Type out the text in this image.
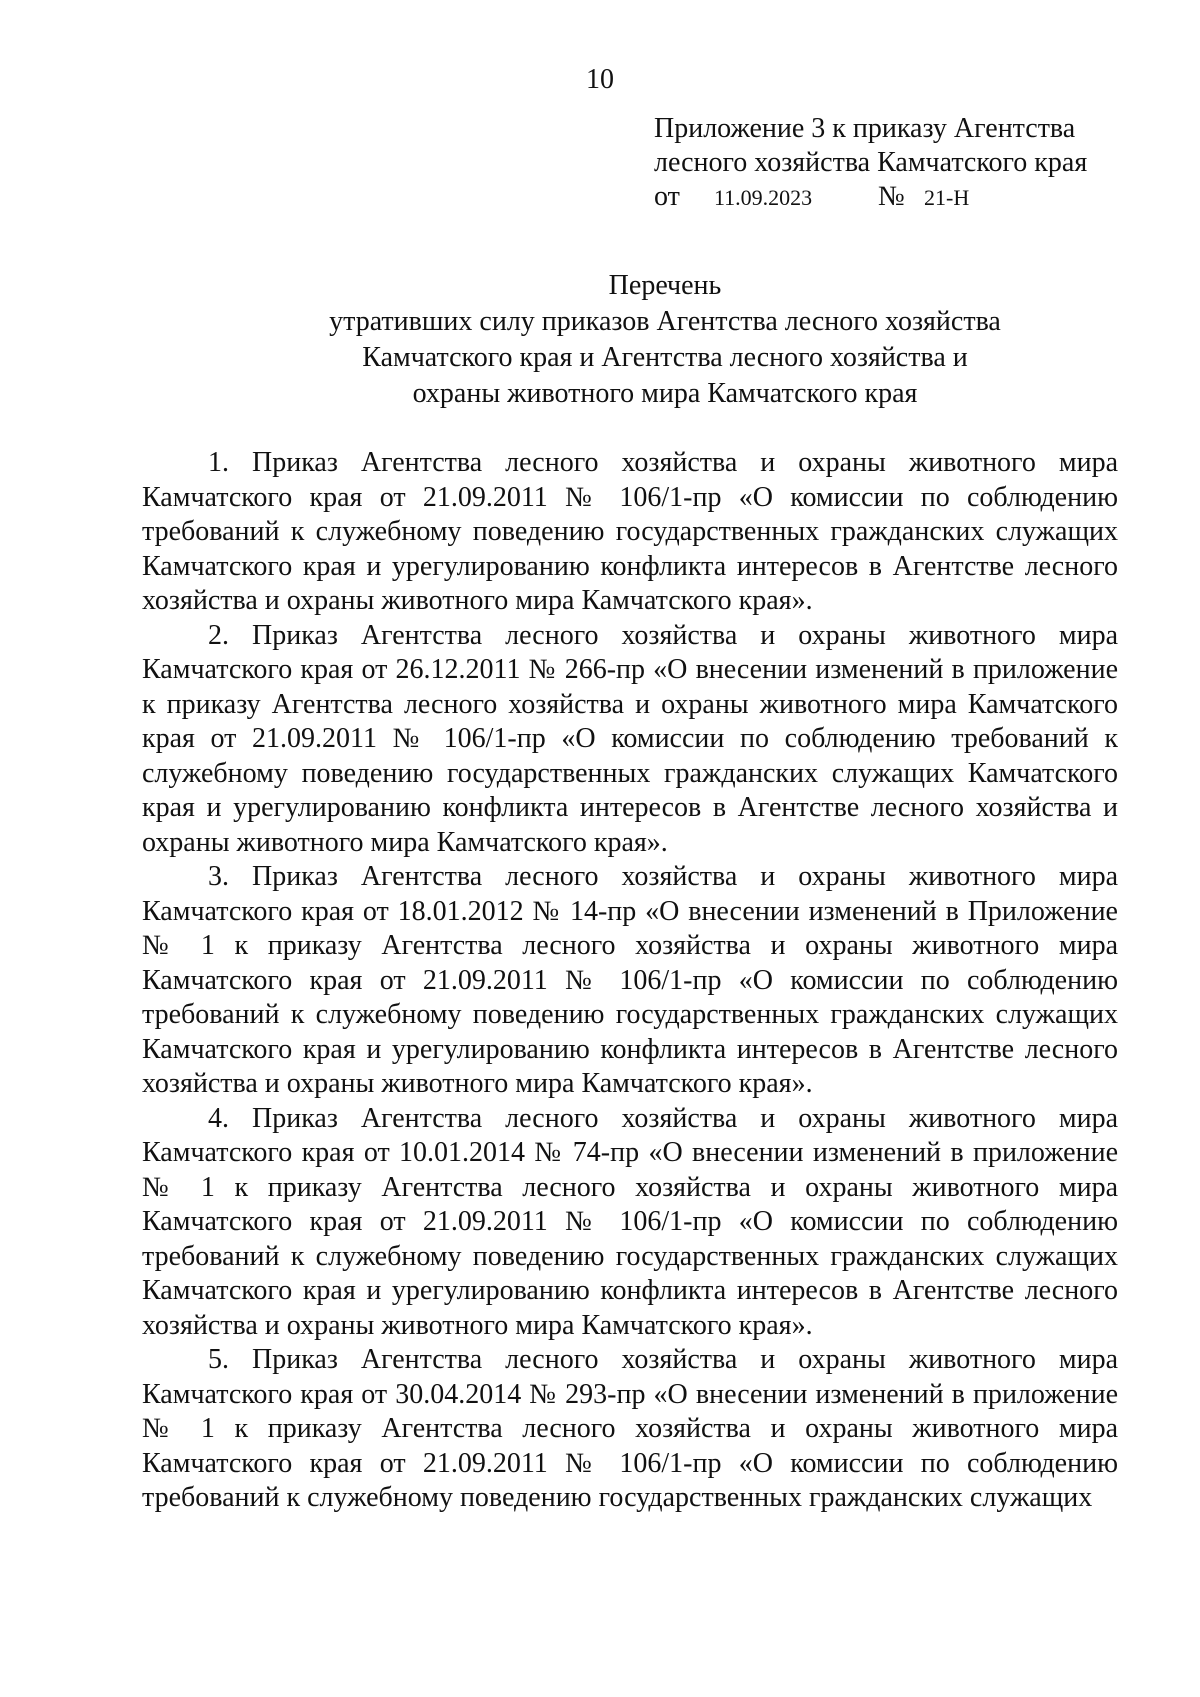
10
Приложение 3 к приказу Агентства
лесного хозяйства Камчатского края
от 11.09.2023 № 21-Н
Перечень
утративших силу приказов Агентства лесного хозяйства
Камчатского края и Агентства лесного хозяйства и
охраны животного мира Камчатского края

1. Приказ Агентства лесного хозяйства и охраны животного мира Камчатского края от 21.09.2011 № 106/1-пр «О комиссии по соблюдению требований к служебному поведению государственных гражданских служащих Камчатского края и урегулированию конфликта интересов в Агентстве лесного хозяйства и охраны животного мира Камчатского края».

2. Приказ Агентства лесного хозяйства и охраны животного мира Камчатского края от 26.12.2011 № 266-пр «О внесении изменений в приложение к приказу Агентства лесного хозяйства и охраны животного мира Камчатского края от 21.09.2011 № 106/1-пр «О комиссии по соблюдению требований к служебному поведению государственных гражданских служащих Камчатского края и урегулированию конфликта интересов в Агентстве лесного хозяйства и охраны животного мира Камчатского края».

3. Приказ Агентства лесного хозяйства и охраны животного мира Камчатского края от 18.01.2012 № 14-пр «О внесении изменений в Приложение № 1 к приказу Агентства лесного хозяйства и охраны животного мира Камчатского края от 21.09.2011 № 106/1-пр «О комиссии по соблюдению требований к служебному поведению государственных гражданских служащих Камчатского края и урегулированию конфликта интересов в Агентстве лесного хозяйства и охраны животного мира Камчатского края».

4. Приказ Агентства лесного хозяйства и охраны животного мира Камчатского края от 10.01.2014 № 74-пр «О внесении изменений в приложение № 1 к приказу Агентства лесного хозяйства и охраны животного мира Камчатского края от 21.09.2011 № 106/1-пр «О комиссии по соблюдению требований к служебному поведению государственных гражданских служащих Камчатского края и урегулированию конфликта интересов в Агентстве лесного хозяйства и охраны животного мира Камчатского края».

5. Приказ Агентства лесного хозяйства и охраны животного мира Камчатского края от 30.04.2014 № 293-пр «О внесении изменений в приложение № 1 к приказу Агентства лесного хозяйства и охраны животного мира Камчатского края от 21.09.2011 № 106/1-пр «О комиссии по соблюдению требований к служебному поведению государственных гражданских служащих
